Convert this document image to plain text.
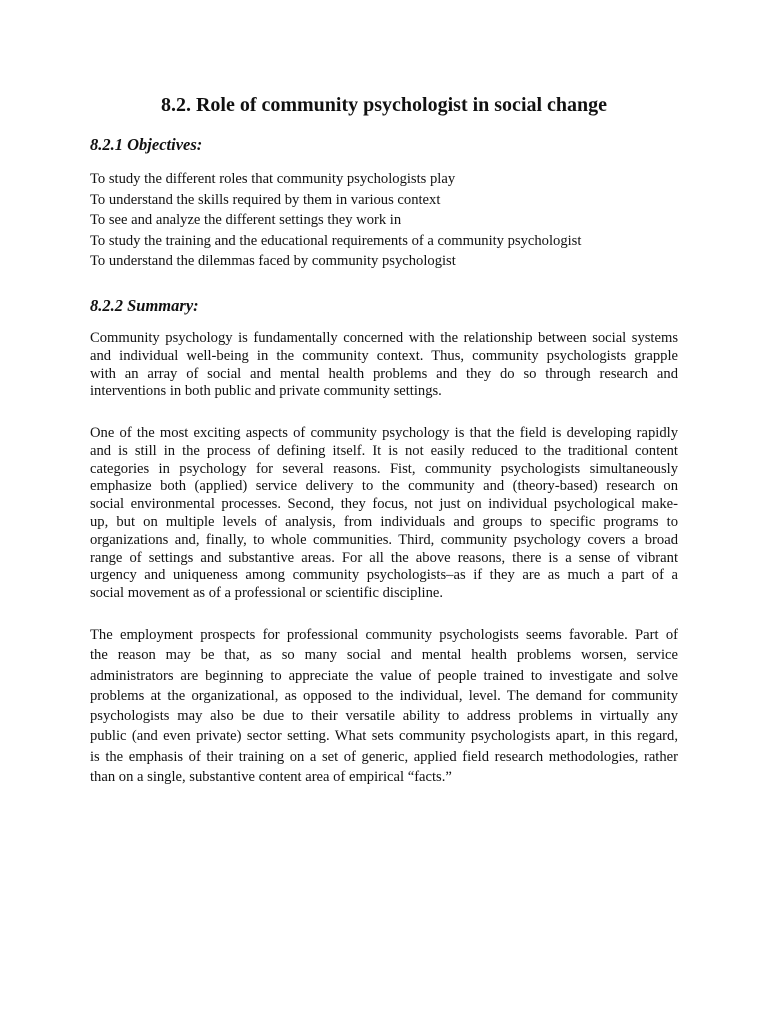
8.2. Role of community psychologist in social change
8.2.1 Objectives:
To study the different roles that community psychologists play
To understand the skills required by them in various context
To see and analyze the different settings they work in
To study the training and the educational requirements of a community psychologist
To understand the dilemmas faced by community psychologist
8.2.2 Summary:

Community psychology is fundamentally concerned with the relationship between social systems
and individual well-being in the community context. Thus, community psychologists grapple
with an array of social and mental health problems and they do so through research and
interventions in both public and private community settings.

One of the most exciting aspects of community psychology is that the field is developing rapidly
and is still in the process of defining itself. It is not easily reduced to the traditional content
categories in psychology for several reasons. Fist, community psychologists simultaneously
emphasize both (applied) service delivery to the community and (theory-based) research on
social environmental processes. Second, they focus, not just on individual psychological make-
up, but on multiple levels of analysis, from individuals and groups to specific programs to
organizations and, finally, to whole communities. Third, community psychology covers a broad
range of settings and substantive areas. For all the above reasons, there is a sense of vibrant
urgency and uniqueness among community psychologists–as if they are as much a part of a
social movement as of a professional or scientific discipline.

The employment prospects for professional community psychologists seems favorable. Part of
the reason may be that, as so many social and mental health problems worsen, service
administrators are beginning to appreciate the value of people trained to investigate and solve
problems at the organizational, as opposed to the individual, level. The demand for community
psychologists may also be due to their versatile ability to address problems in virtually any
public (and even private) sector setting. What sets community psychologists apart, in this regard,
is the emphasis of their training on a set of generic, applied field research methodologies, rather
than on a single, substantive content area of empirical “facts.”
